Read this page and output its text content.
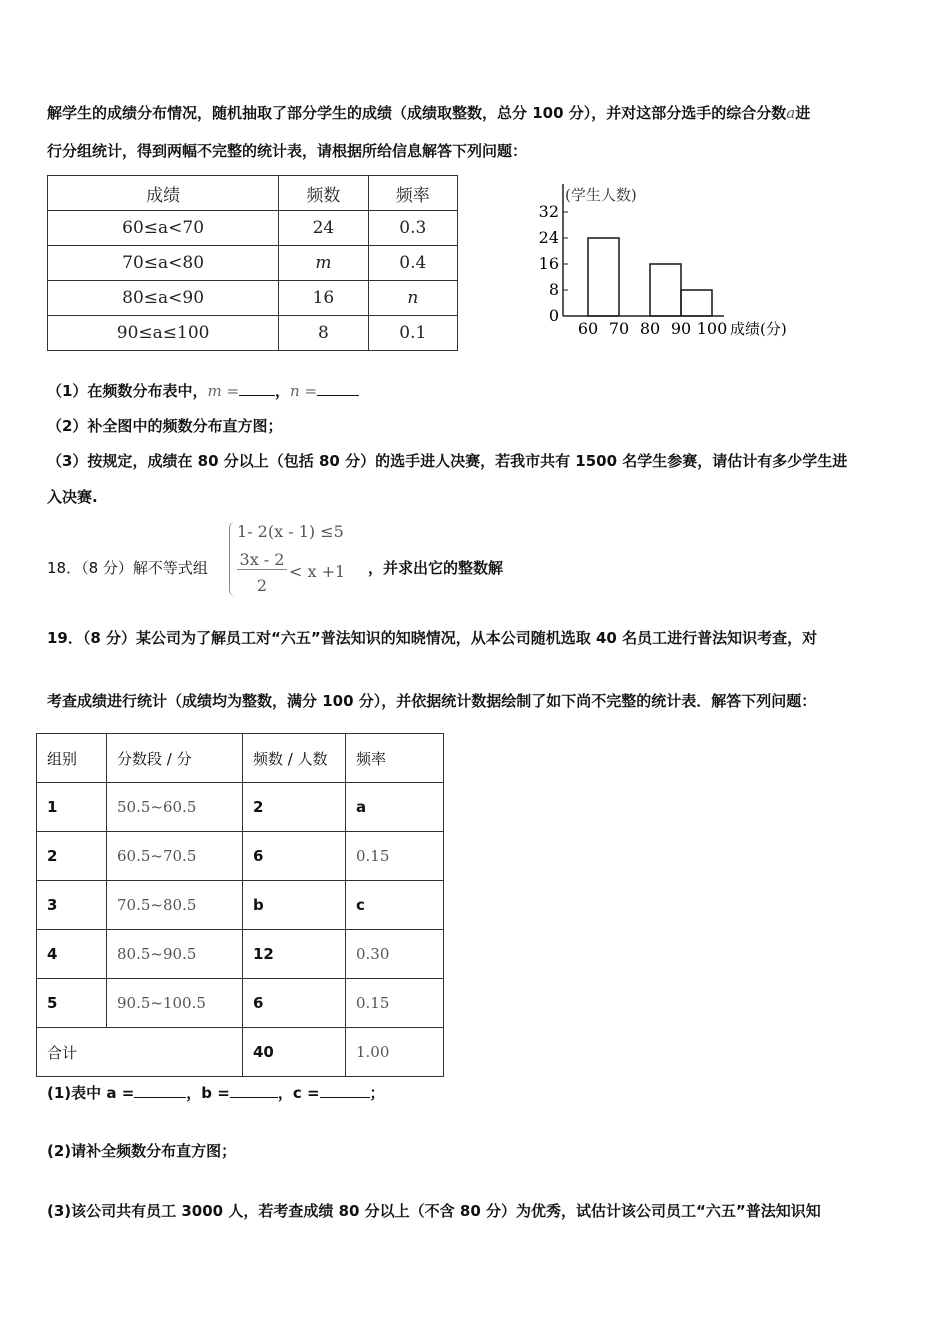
解学生的成绩分布情况，随机抽取了部分学生的成绩（成绩取整数，总分 100 分），并对这部分选手的综合分数a进
行分组统计，得到两幅不完整的统计表，请根据所给信息解答下列问题：
成绩	频数	频率
60≤a<70	24	0.3
70≤a<80	m	0.4
80≤a<90	16	n
90≤a≤100	8	0.1
(学生人数)
0
8
16
24
32
60 70 80 90 100 成绩(分)
（1）在频数分布表中，m = ，n =
（2）补全图中的频数分布直方图；
（3）按规定，成绩在 80 分以上（包括 80 分）的选手进人决赛，若我市共有 1500 名学生参赛，请估计有多少学生进
入决赛.
18．（8 分）解不等式组
1- 2(x - 1) ≤5
3x - 2
2
< x +1 ，并求出它的整数解
19．（8 分）某公司为了解员工对“六五”普法知识的知晓情况，从本公司随机选取 40 名员工进行普法知识考查，对
考查成绩进行统计（成绩均为整数，满分 100 分），并依据统计数据绘制了如下尚不完整的统计表．解答下列问题：
组别	分数段 / 分	频数 / 人数	频率
1	50.5~60.5	2	a
2	60.5~70.5	6	0.15
3	70.5~80.5	b	c
4	80.5~90.5	12	0.30
5	90.5~100.5	6	0.15
合计		40	1.00
(1)表中 a =	，b =	，c =	；
(2)请补全频数分布直方图；
(3)该公司共有员工 3000 人，若考查成绩 80 分以上（不含 80 分）为优秀，试估计该公司员工“六五”普法知识知
